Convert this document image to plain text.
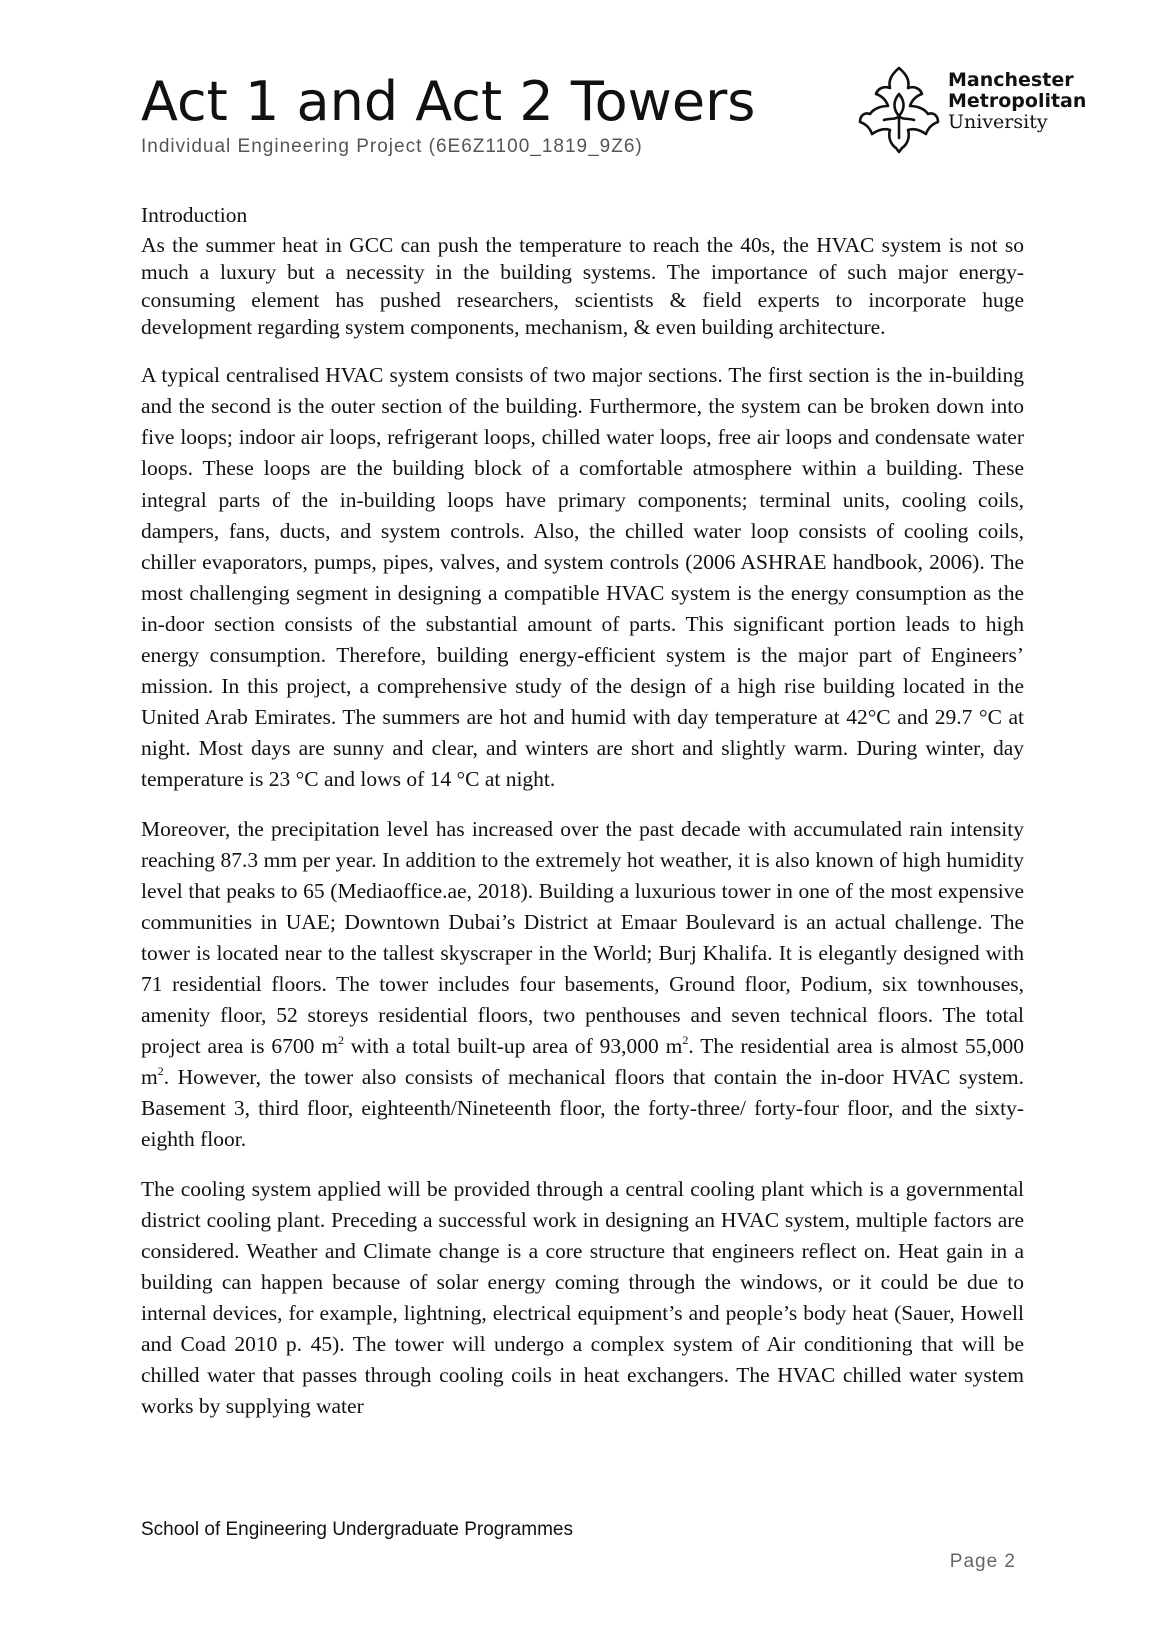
Act 1 and Act 2 Towers
Individual Engineering Project (6E6Z1100_1819_9Z6)
Manchester
Metropolitan
University
Introduction

As the summer heat in GCC can push the temperature to reach the 40s, the HVAC system is not so much a luxury but a necessity in the building systems. The importance of such major energy-consuming element has pushed researchers, scientists & field experts to incorporate huge development regarding system components, mechanism, & even building architecture.

A typical centralised HVAC system consists of two major sections. The first section is the in-building and the second is the outer section of the building. Furthermore, the system can be broken down into five loops; indoor air loops, refrigerant loops, chilled water loops, free air loops and condensate water loops. These loops are the building block of a comfortable atmosphere within a building. These integral parts of the in-building loops have primary components; terminal units, cooling coils, dampers, fans, ducts, and system controls. Also, the chilled water loop consists of cooling coils, chiller evaporators, pumps, pipes, valves, and system controls (2006 ASHRAE handbook, 2006). The most challenging segment in designing a compatible HVAC system is the energy consumption as the in-door section consists of the substantial amount of parts. This significant portion leads to high energy consumption. Therefore, building energy-efficient system is the major part of Engineers’ mission. In this project, a comprehensive study of the design of a high rise building located in the United Arab Emirates. The summers are hot and humid with day temperature at 42°C and 29.7 °C at night. Most days are sunny and clear, and winters are short and slightly warm. During winter, day temperature is 23 °C and lows of 14 °C at night.

Moreover, the precipitation level has increased over the past decade with accumulated rain intensity reaching 87.3 mm per year. In addition to the extremely hot weather, it is also known of high humidity level that peaks to 65 (Mediaoffice.ae, 2018). Building a luxurious tower in one of the most expensive communities in UAE; Downtown Dubai’s District at Emaar Boulevard is an actual challenge. The tower is located near to the tallest skyscraper in the World; Burj Khalifa. It is elegantly designed with 71 residential floors. The tower includes four basements, Ground floor, Podium, six townhouses, amenity floor, 52 storeys residential floors, two penthouses and seven technical floors. The total project area is 6700 $m^2$ with a total built-up area of 93,000 $m^2$. The residential area is almost 55,000 $m^2$. However, the tower also consists of mechanical floors that contain the in-door HVAC system. Basement 3, third floor, eighteenth/Nineteenth floor, the forty-three/ forty-four floor, and the sixty-eighth floor.

The cooling system applied will be provided through a central cooling plant which is a governmental district cooling plant. Preceding a successful work in designing an HVAC system, multiple factors are considered. Weather and Climate change is a core structure that engineers reflect on. Heat gain in a building can happen because of solar energy coming through the windows, or it could be due to internal devices, for example, lightning, electrical equipment’s and people’s body heat (Sauer, Howell and Coad 2010 p. 45). The tower will undergo a complex system of Air conditioning that will be chilled water that passes through cooling coils in heat exchangers. The HVAC chilled water system works by supplying water

School of Engineering Undergraduate Programmes
Page 2
